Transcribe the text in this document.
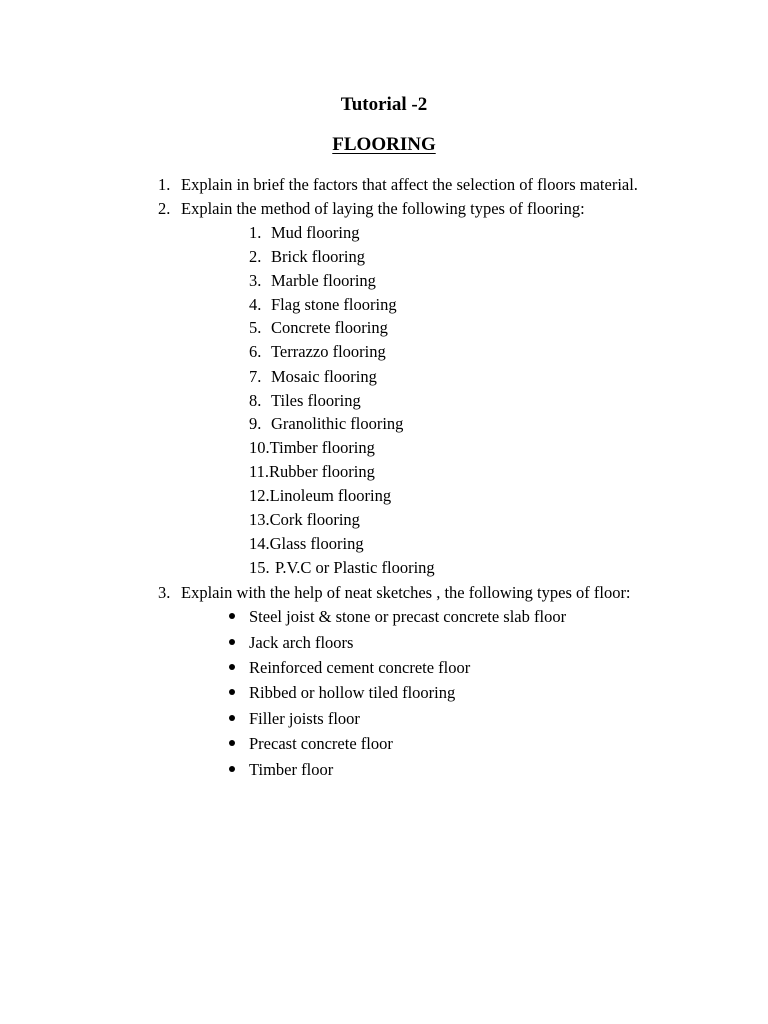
Tutorial -2
FLOORING
1. Explain in brief the factors that affect the selection of floors material.
2. Explain the method of laying the following types of flooring:
1. Mud flooring
2. Brick flooring
3. Marble flooring
4. Flag stone flooring
5. Concrete flooring
6. Terrazzo flooring
7. Mosaic flooring
8. Tiles flooring
9. Granolithic flooring
10.Timber flooring
11.Rubber flooring
12.Linoleum flooring
13.Cork flooring
14.Glass flooring
15. P.V.C or Plastic flooring
3. Explain with the help of neat sketches , the following types of floor:
Steel joist & stone or precast concrete slab floor
Jack arch floors
Reinforced cement concrete floor
Ribbed or hollow tiled flooring
Filler joists floor
Precast concrete floor
Timber floor
